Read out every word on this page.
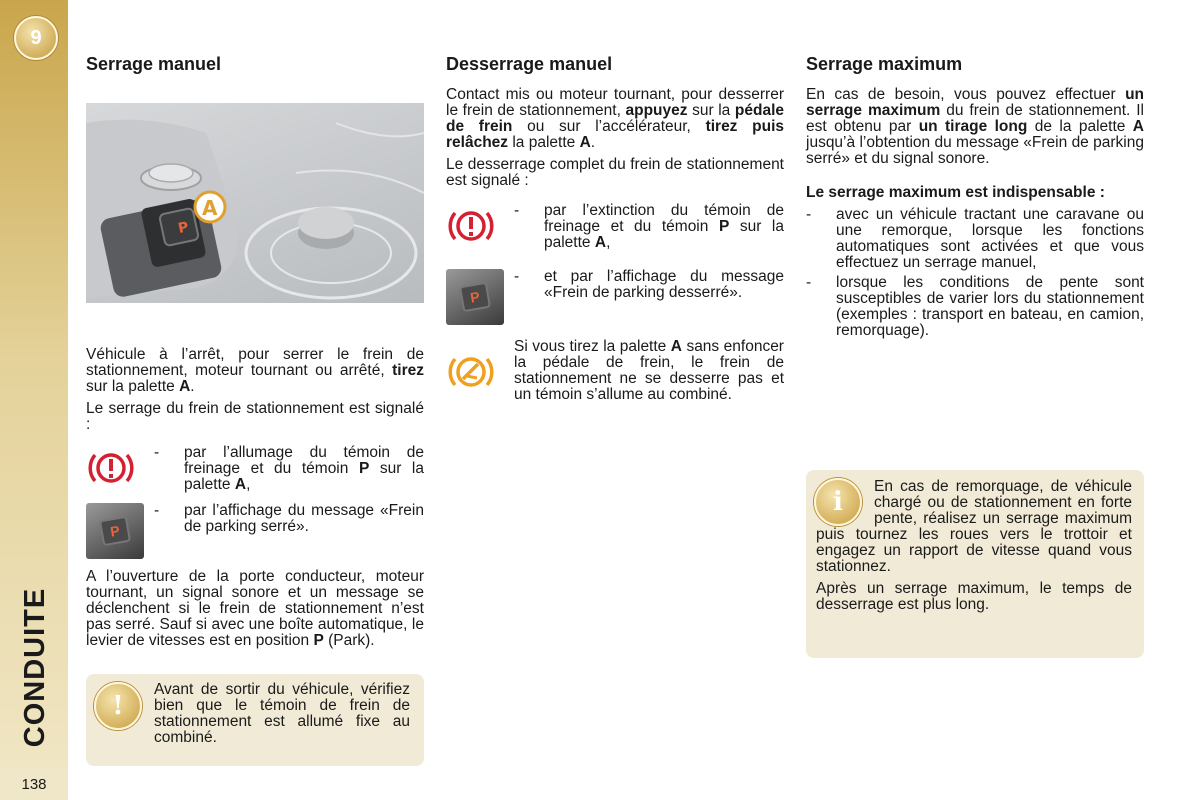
9
CONDUITE
138
Serrage manuel

Véhicule à l’arrêt, pour serrer le frein de stationnement, moteur tournant ou arrêté, tirez sur la palette A.

Le serrage du frein de stationnement est signalé :

- par l’allumage du témoin de freinage et du témoin P sur la palette A,
P
- par l’affichage du message «Frein de parking serré».

A l’ouverture de la porte conducteur, moteur tournant, un signal sonore et un message se déclenchent si le frein de stationnement n’est pas serré. Sauf si avec une boîte automatique, le levier de vitesses est en position P (Park).

P
A
Desserrage manuel

Contact mis ou moteur tournant, pour desserrer le frein de stationnement, appuyez sur la pédale de frein ou sur l’accélérateur, tirez puis relâchez la palette A.

Le desserrage complet du frein de stationnement est signalé :

- par l’extinction du témoin de freinage et du témoin P sur la palette A,
P
- et par l’affichage du message «Frein de parking desserré».
Si vous tirez la palette A sans enfoncer la pédale de frein, le frein de stationnement ne se desserre pas et un témoin s’allume au combiné.
Serrage maximum

En cas de besoin, vous pouvez effectuer un serrage maximum du frein de stationnement. Il est obtenu par un tirage long de la palette A jusqu’à l’obtention du message «Frein de parking serré» et du signal sonore.

Le serrage maximum est indispensable :

- avec un véhicule tractant une caravane ou une remorque, lorsque les fonctions automatiques sont activées et que vous effectuez un serrage manuel,
- lorsque les conditions de pente sont susceptibles de varier lors du stationnement (exemples : transport en bateau, en camion, remorquage).
!

Avant de sortir du véhicule, vérifiez bien que le témoin de frein de stationnement est allumé fixe au combiné.

i

En cas de remorquage, de véhicule chargé ou de stationnement en forte pente, réalisez un serrage maximum puis tournez les roues vers le trottoir et engagez un rapport de vitesse quand vous stationnez.

Après un serrage maximum, le temps de desserrage est plus long.
